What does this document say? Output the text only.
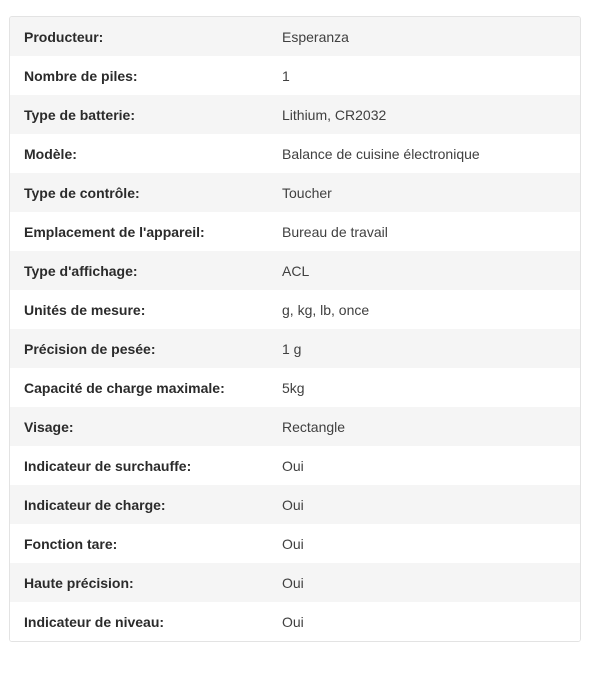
Producteur:	Esperanza
Nombre de piles:	1
Type de batterie:	Lithium, CR2032
Modèle:	Balance de cuisine électronique
Type de contrôle:	Toucher
Emplacement de l'appareil:	Bureau de travail
Type d'affichage:	ACL
Unités de mesure:	g, kg, lb, once
Précision de pesée:	1 g
Capacité de charge maximale:	5kg
Visage:	Rectangle
Indicateur de surchauffe:	Oui
Indicateur de charge:	Oui
Fonction tare:	Oui
Haute précision:	Oui
Indicateur de niveau:	Oui
